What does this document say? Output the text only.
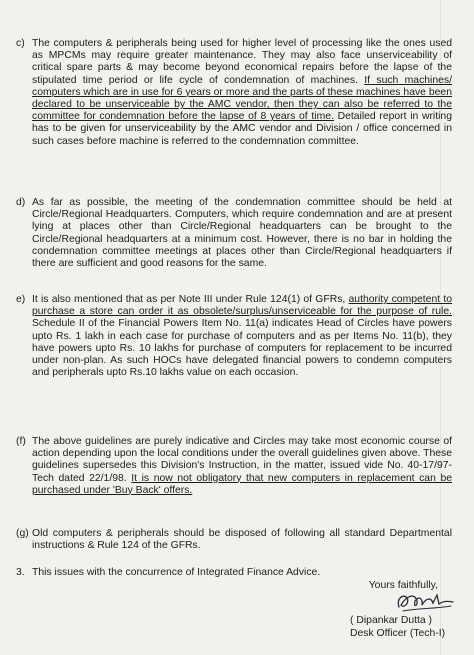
c) The computers & peripherals being used for higher level of processing like the ones used as MPCMs may require greater maintenance. They may also face unserviceability of critical spare parts & may become beyond economical repairs before the lapse of the stipulated time period or life cycle of condemnation of machines. If such machines/ computers which are in use for 6 years or more and the parts of these machines have been declared to be unserviceable by the AMC vendor, then they can also be referred to the committee for condemnation before the lapse of 8 years of time. Detailed report in writing has to be given for unserviceability by the AMC vendor and Division / office concerned in such cases before machine is referred to the condemnation committee.
d) As far as possible, the meeting of the condemnation committee should be held at Circle/Regional Headquarters. Computers, which require condemnation and are at present lying at places other than Circle/Regional headquarters can be brought to the Circle/Regional headquarters at a minimum cost. However, there is no bar in holding the condemnation committee meetings at places other than Circle/Regional headquarters if there are sufficient and good reasons for the same.
e) It is also mentioned that as per Note III under Rule 124(1) of GFRs, authority competent to purchase a store can order it as obsolete/surplus/unserviceable for the purpose of rule. Schedule II of the Financial Powers Item No. 11(a) indicates Head of Circles have powers upto Rs. 1 lakh in each case for purchase of computers and as per Items No. 11(b), they have powers upto Rs. 10 lakhs for purchase of computers for replacement to be incurred under non-plan. As such HOCs have delegated financial powers to condemn computers and peripherals upto Rs.10 lakhs value on each occasion.
(f) The above guidelines are purely indicative and Circles may take most economic course of action depending upon the local conditions under the overall guidelines given above. These guidelines supersedes this Division's Instruction, in the matter, issued vide No. 40-17/97-Tech dated 22/1/98. It is now not obligatory that new computers in replacement can be purchased under 'Buy Back' offers.
(g) Old computers & peripherals should be disposed of following all standard Departmental instructions & Rule 124 of the GFRs.
3. This issues with the concurrence of Integrated Finance Advice.
Yours faithfully,
( Dipankar Dutta )
Desk Officer (Tech-I)
